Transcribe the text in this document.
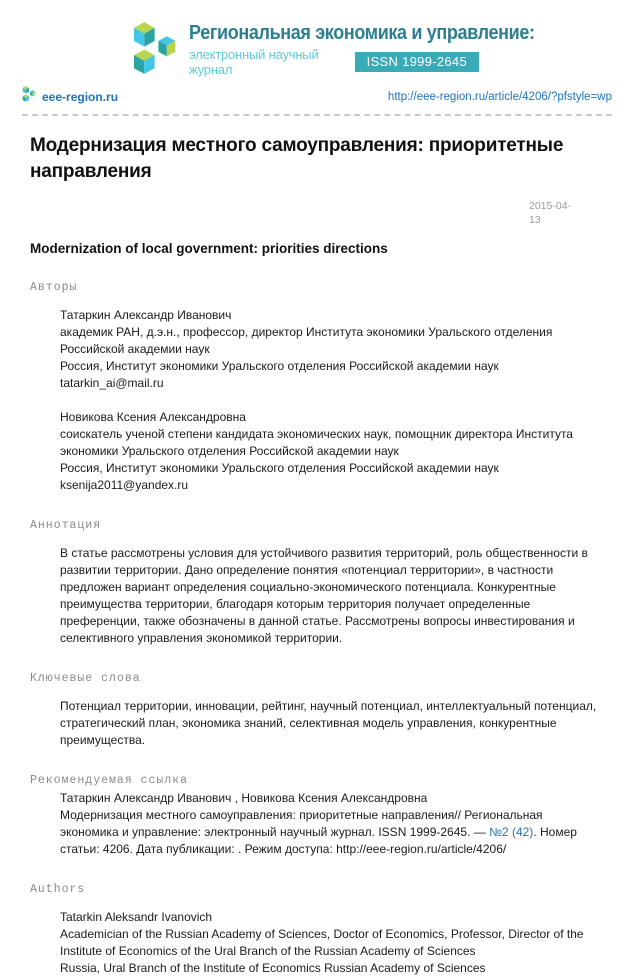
Региональная экономика и управление:
электронный научный журнал
ISSN 1999-2645
eee-region.ru	http://eee-region.ru/article/4206/?pfstyle=wp
Модернизация местного самоуправления: приоритетные направления
2015-04-13
Modernization of local government: priorities directions
Авторы
Татаркин Александр Иванович
академик РАН, д.э.н., профессор, директор Института экономики Уральского отделения Российской академии наук
Россия, Институт экономики Уральского отделения Российской академии наук
tatarkin_ai@mail.ru
Новикова Ксения Александровна
соискатель ученой степени кандидата экономических наук, помощник директора Института экономики Уральского отделения Российской академии наук
Россия, Институт экономики Уральского отделения Российской академии наук
ksenija2011@yandex.ru
Аннотация
В статье рассмотрены условия для устойчивого развития территорий, роль общественности в развитии территории. Дано определение понятия «потенциал территории», в частности предложен вариант определения социально-экономического потенциала. Конкурентные преимущества территории, благодаря которым территория получает определенные преференции, также обозначены в данной статье. Рассмотрены вопросы инвестирования и селективного управления экономикой территории.
Ключевые слова
Потенциал территории, инновации, рейтинг, научный потенциал, интеллектуальный потенциал, стратегический план, экономика знаний, селективная модель управления, конкурентные преимущества.
Рекомендуемая ссылка
Татаркин Александр Иванович , Новикова Ксения Александровна
Модернизация местного самоуправления: приоритетные направления// Региональная экономика и управление: электронный научный журнал. ISSN 1999-2645. — №2 (42). Номер статьи: 4206. Дата публикации: . Режим доступа: http://eee-region.ru/article/4206/
Authors
Tatarkin Aleksandr Ivanovich
Academician of the Russian Academy of Sciences, Doctor of Economics, Professor, Director of the Institute of Economics of the Ural Branch of the Russian Academy of Sciences
Russia, Ural Branch of the Institute of Economics Russian Academy of Sciences
